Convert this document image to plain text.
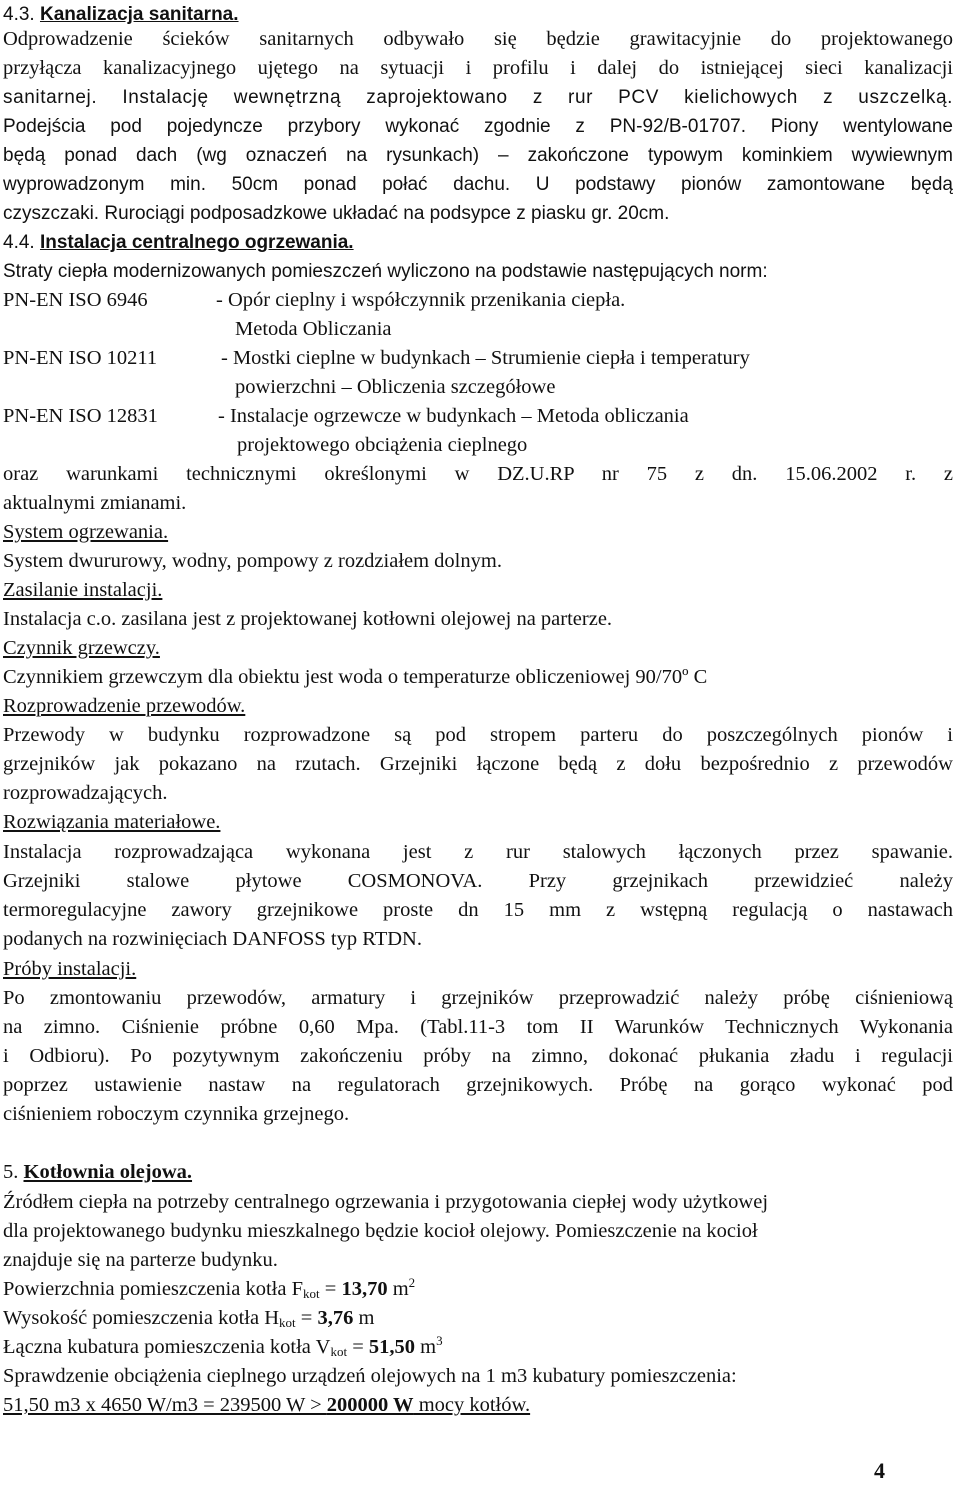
4.3. Kanalizacja sanitarna.
Odprowadzenie ścieków sanitarnych odbywało się będzie grawitacyjnie do projektowanego
przyłącza kanalizacyjnego ujętego na sytuacji i profilu i dalej do istniejącej sieci kanalizacji
sanitarnej. Instalację wewnętrzną zaprojektowano z rur PCV kielichowych z uszczelką.
Podejścia pod pojedyncze przybory wykonać zgodnie z PN-92/B-01707. Piony wentylowane
będą ponad dach (wg oznaczeń na rysunkach) – zakończone typowym kominkiem wywiewnym
wyprowadzonym min. 50cm ponad połać dachu. U podstawy pionów zamontowane będą
czyszczaki. Rurociągi podposadzkowe układać na podsypce z piasku gr. 20cm.
4.4. Instalacja centralnego ogrzewania.
Straty ciepła modernizowanych pomieszczeń wyliczono na podstawie następujących norm:
PN-EN ISO 6946	- Opór cieplny i współczynnik przenikania ciepła.
Metoda Obliczania
PN-EN ISO 10211	- Mostki cieplne w budynkach – Strumienie ciepła i temperatury
powierzchni – Obliczenia szczegółowe
PN-EN ISO 12831	- Instalacje ogrzewcze w budynkach – Metoda obliczania
projektowego obciążenia cieplnego
oraz warunkami technicznymi określonymi w DZ.U.RP nr 75 z dn. 15.06.2002 r. z
aktualnymi zmianami.
System ogrzewania.
System dwururowy, wodny, pompowy z rozdziałem dolnym.
Zasilanie instalacji.
Instalacja c.o. zasilana jest z projektowanej kotłowni olejowej na parterze.
Czynnik grzewczy.
Czynnikiem grzewczym dla obiektu jest woda o temperaturze obliczeniowej 90/70º C
Rozprowadzenie przewodów.
Przewody w budynku rozprowadzone są pod stropem parteru do poszczególnych pionów i
grzejników jak pokazano na rzutach. Grzejniki łączone będą z dołu bezpośrednio z przewodów
rozprowadzających.
Rozwiązania materiałowe.
Instalacja rozprowadzająca wykonana jest z rur stalowych łączonych przez spawanie.
Grzejniki stalowe płytowe COSMONOVA. Przy grzejnikach przewidzieć należy
termoregulacyjne zawory grzejnikowe proste dn 15 mm z wstępną regulacją o nastawach
podanych na rozwinięciach DANFOSS typ RTDN.
Próby instalacji.
Po zmontowaniu przewodów, armatury i grzejników przeprowadzić należy próbę ciśnieniową
na zimno. Ciśnienie próbne 0,60 Mpa. (Tabl.11-3 tom II Warunków Technicznych Wykonania
i Odbioru). Po pozytywnym zakończeniu próby na zimno, dokonać płukania zładu i regulacji
poprzez ustawienie nastaw na regulatorach grzejnikowych. Próbę na gorąco wykonać pod
ciśnieniem roboczym czynnika grzejnego.
5. Kotłownia olejowa.
Źródłem ciepła na potrzeby centralnego ogrzewania i przygotowania ciepłej wody użytkowej
dla projektowanego budynku mieszkalnego będzie kocioł olejowy. Pomieszczenie na kocioł
znajduje się na parterze budynku.
Powierzchnia pomieszczenia kotła $F_{kot} = 13,70$ $m^2$
Wysokość pomieszczenia kotła $H_{kot} = 3,76$ m
Łączna kubatura pomieszczenia kotła $V_{kot} = 51,50$ $m^3$
Sprawdzenie obciążenia cieplnego urządzeń olejowych na 1 m3 kubatury pomieszczenia:
51,50 m3 x 4650 W/m3 = 239500 W > 200000 W mocy kotłów.
4
